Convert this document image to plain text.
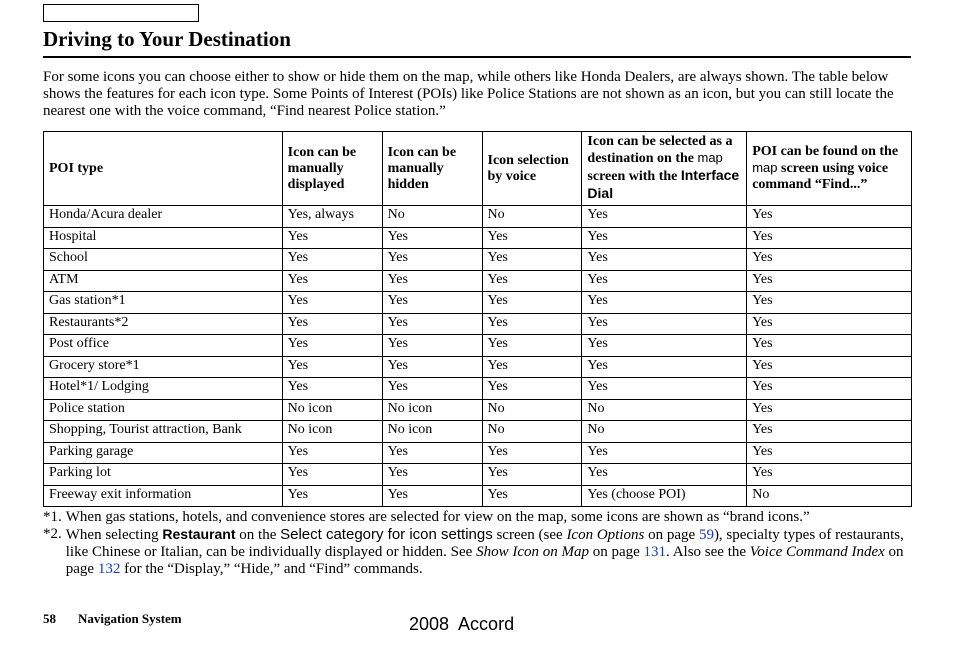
Driving to Your Destination

For some icons you can choose either to show or hide them on the map, while others like Honda Dealers, are always shown. The table below shows the features for each icon type. Some Points of Interest (POIs) like Police Stations are not shown as an icon, but you can still locate the nearest one with the voice command, “Find nearest Police station.”

POI type	Icon can be manually displayed	Icon can be manually hidden	Icon selection by voice	Icon can be selected as a destination on the map screen with the Interface Dial	POI can be found on the map screen using voice command “Find...”
Honda/Acura dealer	Yes, always	No	No	Yes	Yes
Hospital	Yes	Yes	Yes	Yes	Yes
School	Yes	Yes	Yes	Yes	Yes
ATM	Yes	Yes	Yes	Yes	Yes
Gas station*1	Yes	Yes	Yes	Yes	Yes
Restaurants*2	Yes	Yes	Yes	Yes	Yes
Post office	Yes	Yes	Yes	Yes	Yes
Grocery store*1	Yes	Yes	Yes	Yes	Yes
Hotel*1/ Lodging	Yes	Yes	Yes	Yes	Yes
Police station	No icon	No icon	No	No	Yes
Shopping, Tourist attraction, Bank	No icon	No icon	No	No	Yes
Parking garage	Yes	Yes	Yes	Yes	Yes
Parking lot	Yes	Yes	Yes	Yes	Yes
Freeway exit information	Yes	Yes	Yes	Yes (choose POI)	No
*1. When gas stations, hotels, and convenience stores are selected for view on the map, some icons are shown as “brand icons.”
*2. When selecting Restaurant on the Select category for icon settings screen (see Icon Options on page 59), specialty types of restaurants, like Chinese or Italian, can be individually displayed or hidden. See Show Icon on Map on page 131. Also see the Voice Command Index on page 132 for the “Display,” “Hide,” and “Find” commands.
58 Navigation System	2008  Accord
